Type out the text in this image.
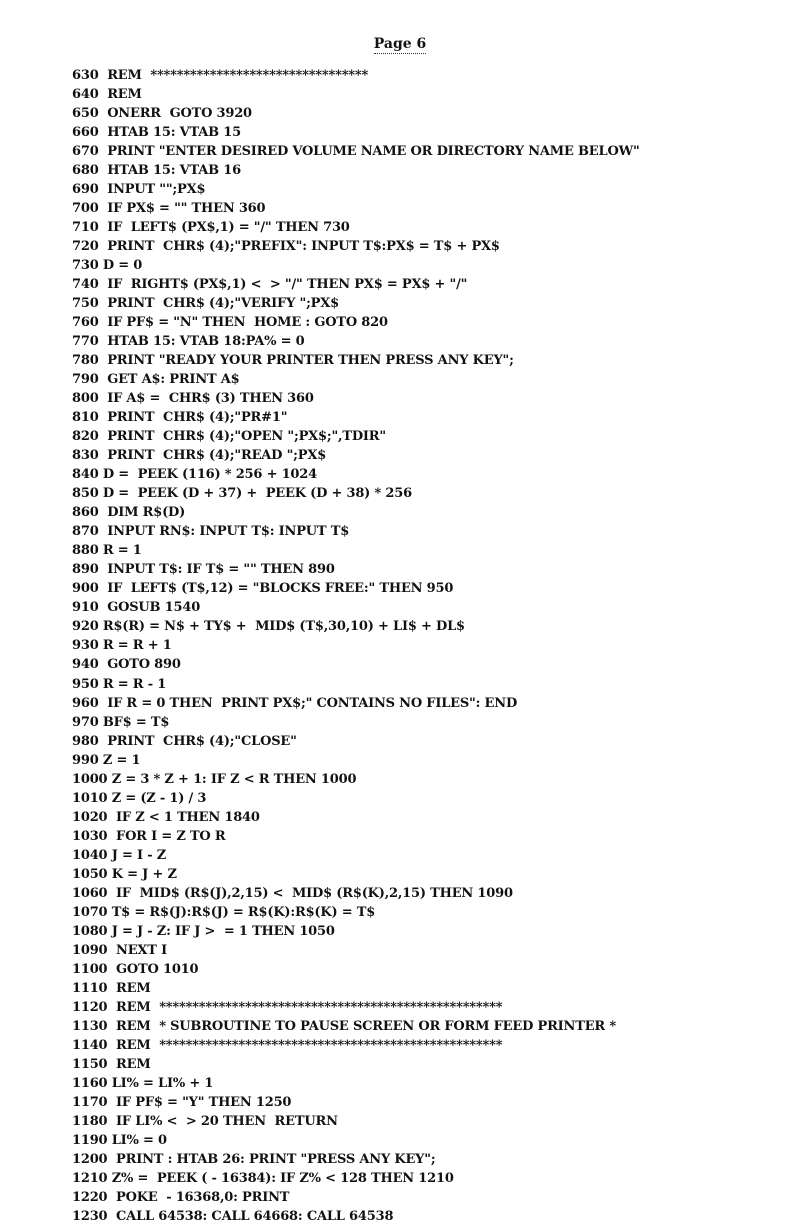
Page 6
630  REM  *********************************
640  REM
650  ONERR  GOTO 3920
660  HTAB 15: VTAB 15
670  PRINT "ENTER DESIRED VOLUME NAME OR DIRECTORY NAME BELOW"
680  HTAB 15: VTAB 16
690  INPUT "";PX$
700  IF PX$ = "" THEN 360
710  IF  LEFT$ (PX$,1) = "/" THEN 730
720  PRINT  CHR$ (4);"PREFIX": INPUT T$:PX$ = T$ + PX$
730 D = 0
740  IF  RIGHT$ (PX$,1) <  > "/" THEN PX$ = PX$ + "/"
750  PRINT  CHR$ (4);"VERIFY ";PX$
760  IF PF$ = "N" THEN  HOME : GOTO 820
770  HTAB 15: VTAB 18:PA% = 0
780  PRINT "READY YOUR PRINTER THEN PRESS ANY KEY";
790  GET A$: PRINT A$
800  IF A$ =  CHR$ (3) THEN 360
810  PRINT  CHR$ (4);"PR#1"
820  PRINT  CHR$ (4);"OPEN ";PX$;",TDIR"
830  PRINT  CHR$ (4);"READ ";PX$
840 D =  PEEK (116) * 256 + 1024
850 D =  PEEK (D + 37) +  PEEK (D + 38) * 256
860  DIM R$(D)
870  INPUT RN$: INPUT T$: INPUT T$
880 R = 1
890  INPUT T$: IF T$ = "" THEN 890
900  IF  LEFT$ (T$,12) = "BLOCKS FREE:" THEN 950
910  GOSUB 1540
920 R$(R) = N$ + TY$ +  MID$ (T$,30,10) + LI$ + DL$
930 R = R + 1
940  GOTO 890
950 R = R - 1
960  IF R = 0 THEN  PRINT PX$;" CONTAINS NO FILES": END
970 BF$ = T$
980  PRINT  CHR$ (4);"CLOSE"
990 Z = 1
1000 Z = 3 * Z + 1: IF Z < R THEN 1000
1010 Z = (Z - 1) / 3
1020  IF Z < 1 THEN 1840
1030  FOR I = Z TO R
1040 J = I - Z
1050 K = J + Z
1060  IF  MID$ (R$(J),2,15) <  MID$ (R$(K),2,15) THEN 1090
1070 T$ = R$(J):R$(J) = R$(K):R$(K) = T$
1080 J = J - Z: IF J >  = 1 THEN 1050
1090  NEXT I
1100  GOTO 1010
1110  REM
1120  REM  ****************************************************
1130  REM  * SUBROUTINE TO PAUSE SCREEN OR FORM FEED PRINTER *
1140  REM  ****************************************************
1150  REM
1160 LI% = LI% + 1
1170  IF PF$ = "Y" THEN 1250
1180  IF LI% <  > 20 THEN  RETURN
1190 LI% = 0
1200  PRINT : HTAB 26: PRINT "PRESS ANY KEY";
1210 Z% =  PEEK ( - 16384): IF Z% < 128 THEN 1210
1220  POKE  - 16368,0: PRINT
1230  CALL 64538: CALL 64668: CALL 64538
